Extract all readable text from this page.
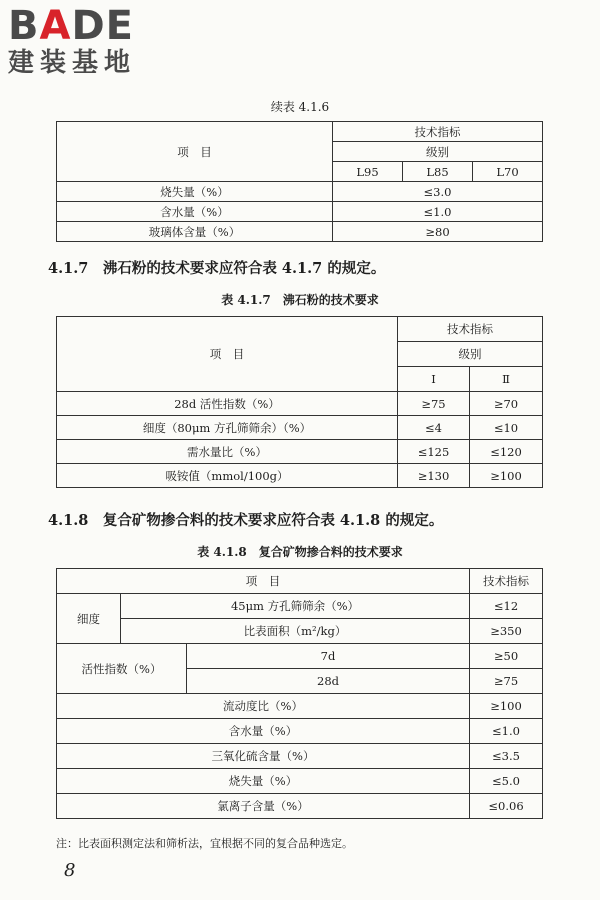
BADE
建装基地
续表 4.1.6
项　目	技术指标		
	级别		
	L95	L85	L70
烧失量（%）	≤3.0		
含水量（%）	≤1.0		
玻璃体含量（%）	≥80		
4.1.7　沸石粉的技术要求应符合表 4.1.7 的规定。
表 4.1.7　沸石粉的技术要求
项　目	技术指标	
	级别	
	Ⅰ	Ⅱ
28d 活性指数（%）	≥75	≥70
细度（80μm 方孔筛筛余）（%）	≤4	≤10
需水量比（%）	≤125	≤120
吸铵值（mmol/100g）	≥130	≥100
4.1.8　复合矿物掺合料的技术要求应符合表 4.1.8 的规定。
表 4.1.8　复合矿物掺合料的技术要求
项　目			技术指标
细度	45μm 方孔筛筛余（%）		≤12
	比表面积（m²/kg）		≥350
活性指数（%）		7d	≥50
		28d	≥75
流动度比（%）			≥100
含水量（%）			≤1.0
三氧化硫含量（%）			≤3.5
烧失量（%）			≤5.0
氯离子含量（%）			≤0.06
注：比表面积测定法和筛析法，宜根据不同的复合品种选定。
8
